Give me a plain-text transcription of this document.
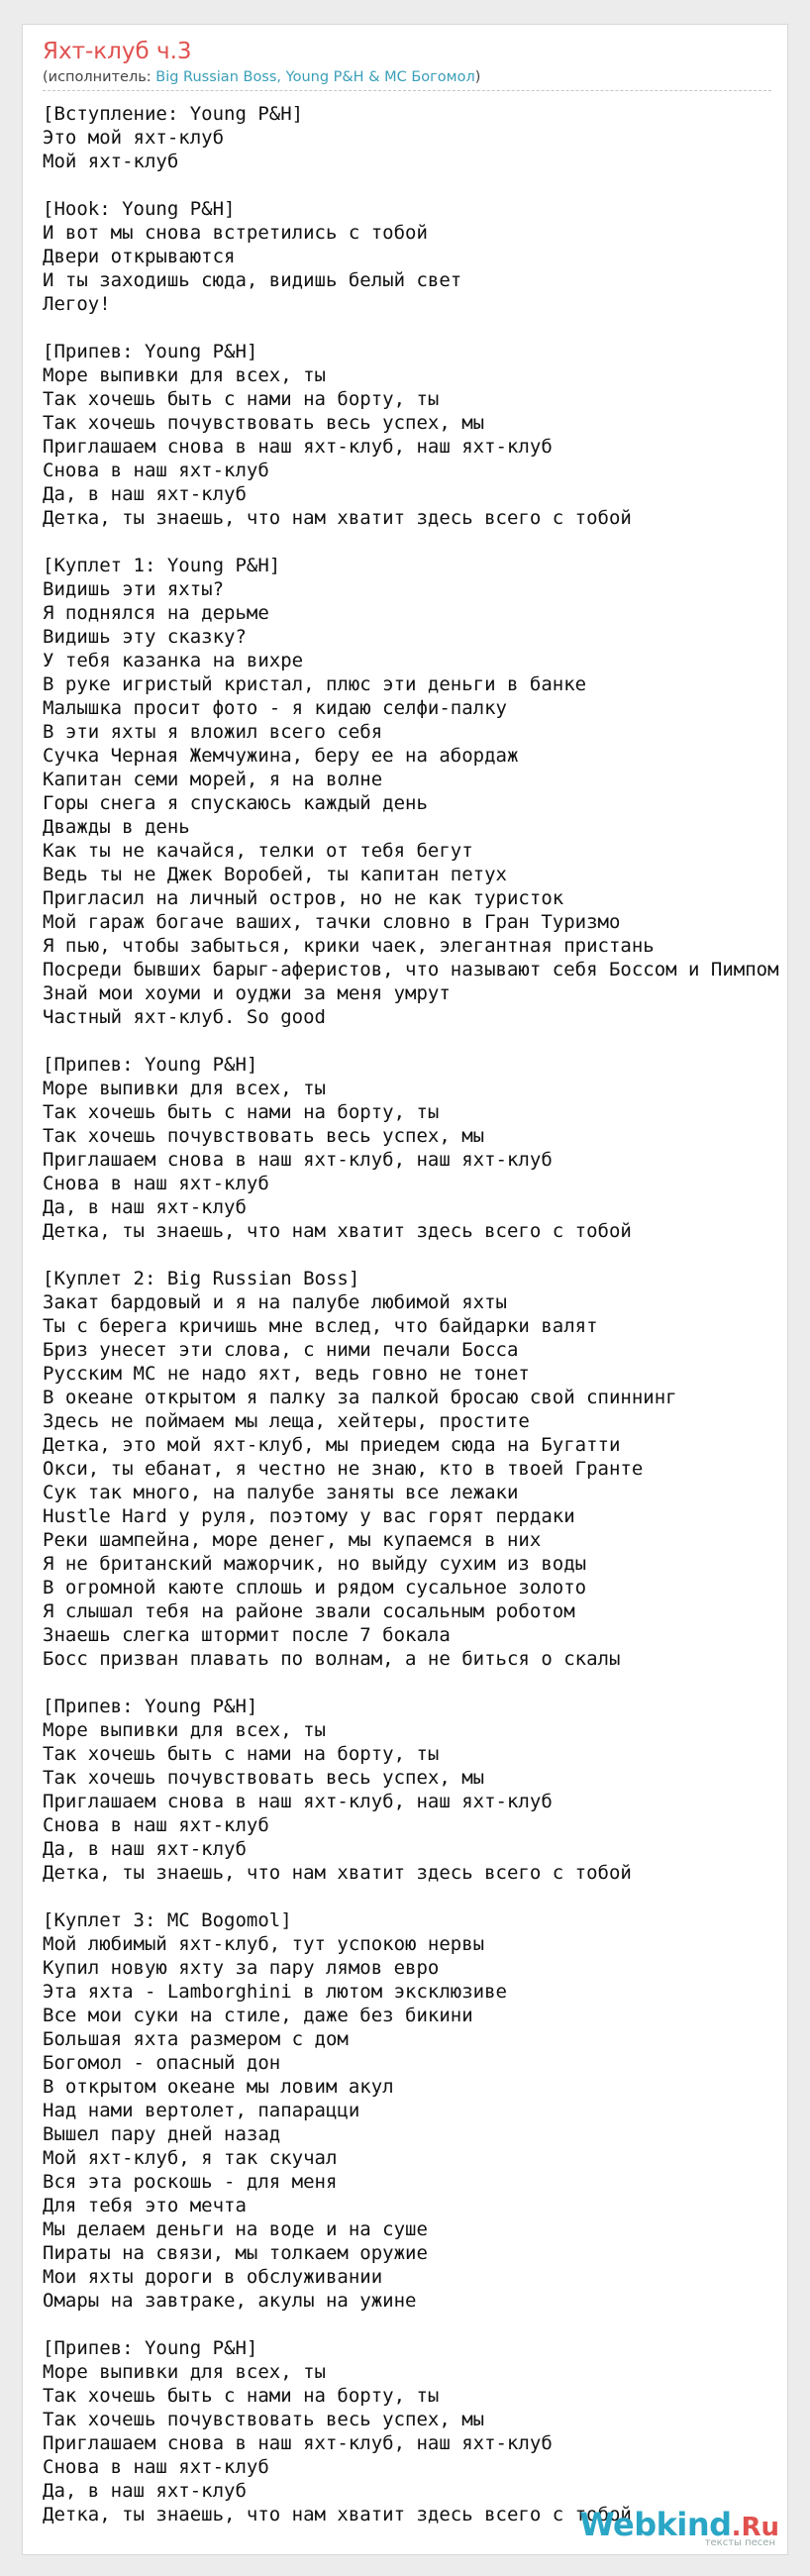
Яхт-клуб ч.3
(исполнитель: Big Russian Boss, Young P&H & MC Богомол)
[Вступление: Young P&H]
Это мой яхт-клуб
Мой яхт-клуб

[Hook: Young P&H]
И вот мы снова встретились с тобой
Двери открываются
И ты заходишь сюда, видишь белый свет
Легоу!

[Припев: Young P&H]
Море выпивки для всех, ты
Так хочешь быть с нами на борту, ты
Так хочешь почувствовать весь успех, мы
Приглашаем снова в наш яхт-клуб, наш яхт-клуб
Снова в наш яхт-клуб
Да, в наш яхт-клуб
Детка, ты знаешь, что нам хватит здесь всего с тобой

[Куплет 1: Young P&H]
Видишь эти яхты?
Я поднялся на дерьме
Видишь эту сказку?
У тебя казанка на вихре
В руке игристый кристал, плюс эти деньги в банке
Малышка просит фото - я кидаю селфи-палку
В эти яхты я вложил всего себя
Сучка Черная Жемчужина, беру ее на абордаж
Капитан семи морей, я на волне
Горы снега я спускаюсь каждый день
Дважды в день
Как ты не качайся, телки от тебя бегут
Ведь ты не Джек Воробей, ты капитан петух
Пригласил на личный остров, но не как туристок
Мой гараж богаче ваших, тачки словно в Гран Туризмо
Я пью, чтобы забыться, крики чаек, элегантная пристань
Посреди бывших барыг-аферистов, что называют себя Боссом и Пимпом
Знай мои хоуми и оуджи за меня умрут
Частный яхт-клуб. So good

[Припев: Young P&H]
Море выпивки для всех, ты
Так хочешь быть с нами на борту, ты
Так хочешь почувствовать весь успех, мы
Приглашаем снова в наш яхт-клуб, наш яхт-клуб
Снова в наш яхт-клуб
Да, в наш яхт-клуб
Детка, ты знаешь, что нам хватит здесь всего с тобой

[Куплет 2: Big Russian Boss]
Закат бардовый и я на палубе любимой яхты
Ты с берега кричишь мне вслед, что байдарки валят
Бриз унесет эти слова, с ними печали Босса
Русским МС не надо яхт, ведь говно не тонет
В океане открытом я палку за палкой бросаю свой спиннинг
Здесь не поймаем мы леща, хейтеры, простите
Детка, это мой яхт-клуб, мы приедем сюда на Бугатти
Окси, ты ебанат, я честно не знаю, кто в твоей Гранте
Сук так много, на палубе заняты все лежаки
Hustle Hard у руля, поэтому у вас горят пердаки
Реки шампейна, море денег, мы купаемся в них
Я не британский мажорчик, но выйду сухим из воды
В огромной каюте сплошь и рядом сусальное золото
Я слышал тебя на районе звали сосальным роботом
Знаешь слегка штормит после 7 бокала
Босс призван плавать по волнам, а не биться о скалы

[Припев: Young P&H]
Море выпивки для всех, ты
Так хочешь быть с нами на борту, ты
Так хочешь почувствовать весь успех, мы
Приглашаем снова в наш яхт-клуб, наш яхт-клуб
Снова в наш яхт-клуб
Да, в наш яхт-клуб
Детка, ты знаешь, что нам хватит здесь всего с тобой

[Куплет 3: MC Bogomol]
Мой любимый яхт-клуб, тут успокою нервы
Купил новую яхту за пару лямов евро
Эта яхта - Lamborghini в лютом эксклюзиве
Все мои суки на стиле, даже без бикини
Большая яхта размером с дом
Богомол - опасный дон
В открытом океане мы ловим акул
Над нами вертолет, папарацци
Вышел пару дней назад
Мой яхт-клуб, я так скучал
Вся эта роскошь - для меня
Для тебя это мечта
Мы делаем деньги на воде и на суше
Пираты на связи, мы толкаем оружие
Мои яхты дороги в обслуживании
Омары на завтраке, акулы на ужине

[Припев: Young P&H]
Море выпивки для всех, ты
Так хочешь быть с нами на борту, ты
Так хочешь почувствовать весь успех, мы
Приглашаем снова в наш яхт-клуб, наш яхт-клуб
Снова в наш яхт-клуб
Да, в наш яхт-клуб
Детка, ты знаешь, что нам хватит здесь всего с тобой
Webkind.Ru
тексты песен
